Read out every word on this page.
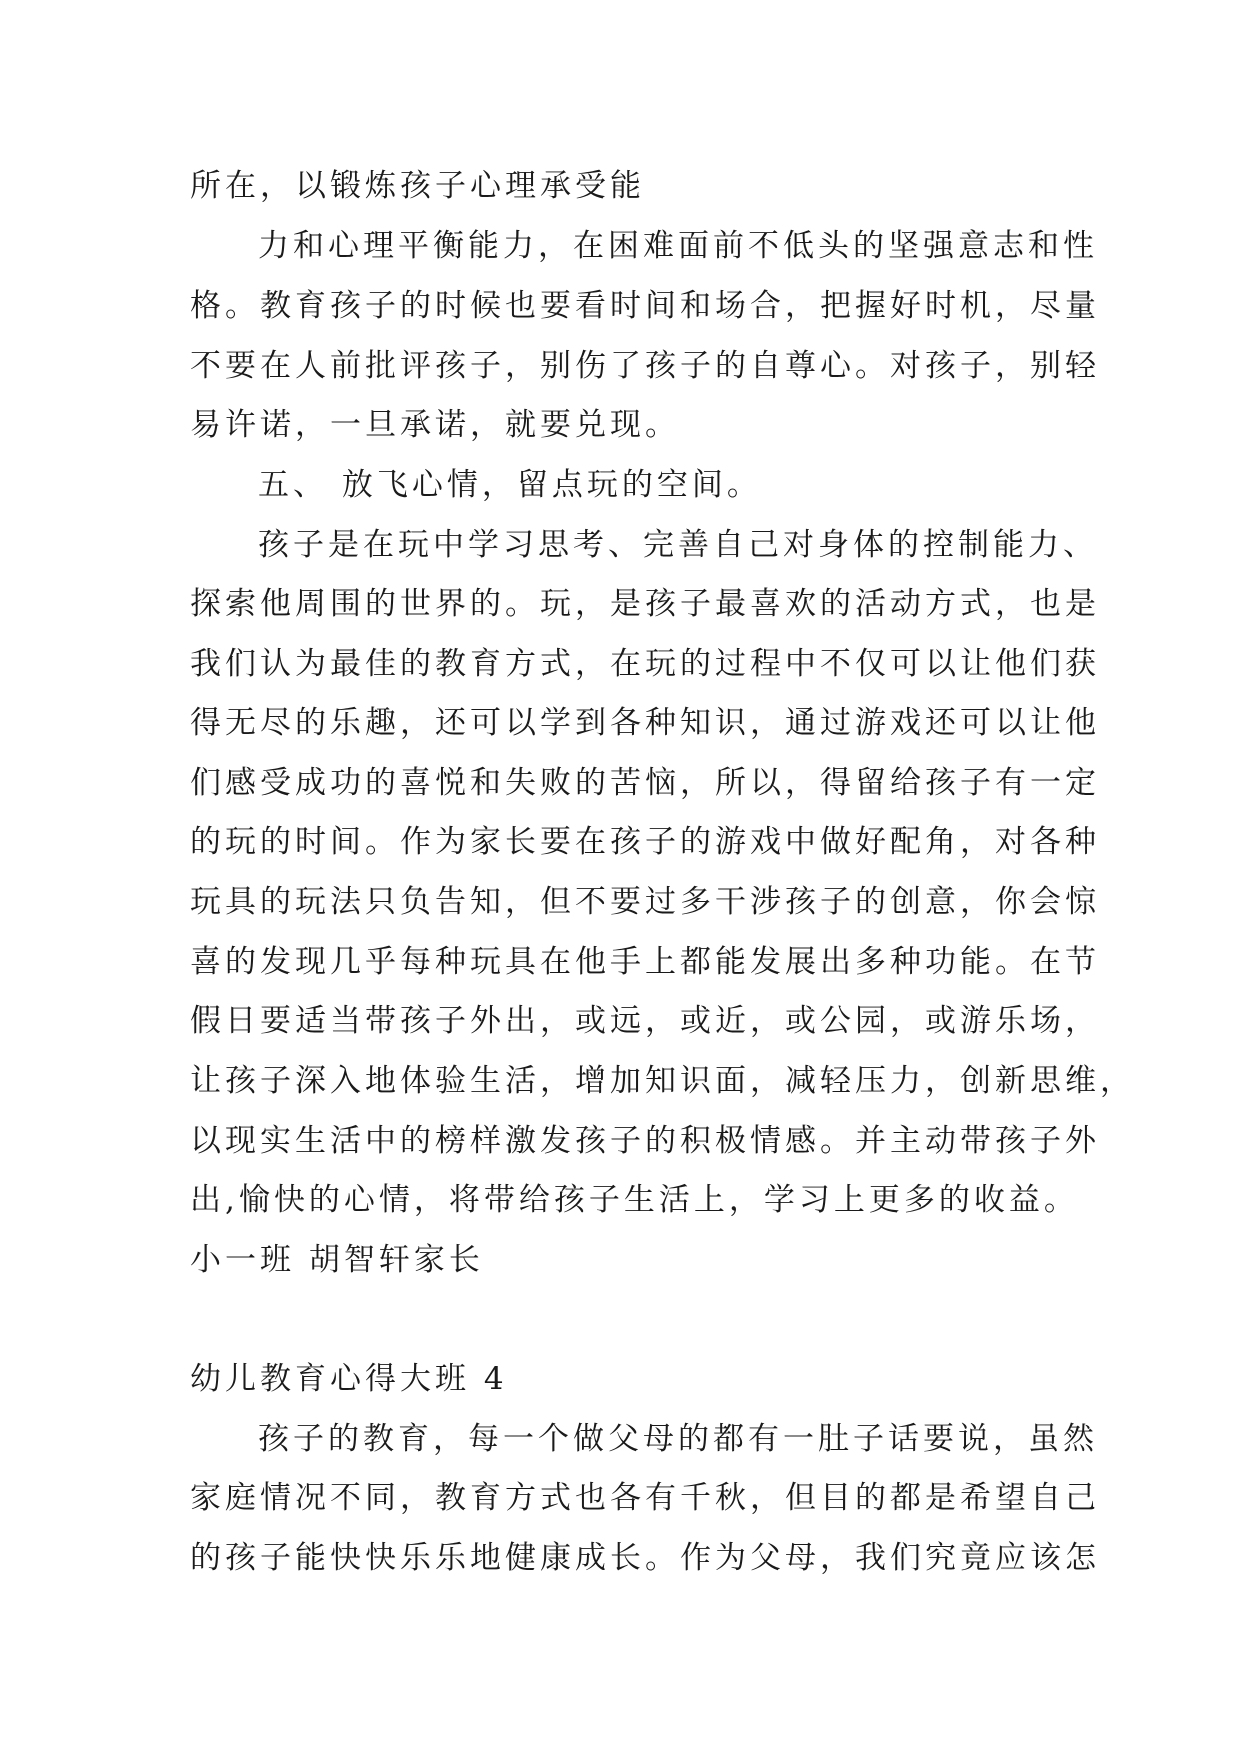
所在，以锻炼孩子心理承受能
力和心理平衡能力，在困难面前不低头的坚强意志和性
格。教育孩子的时候也要看时间和场合，把握好时机，尽量
不要在人前批评孩子，别伤了孩子的自尊心。对孩子，别轻
易许诺，一旦承诺，就要兑现。
五、 放飞心情，留点玩的空间。
孩子是在玩中学习思考、完善自己对身体的控制能力、
探索他周围的世界的。玩，是孩子最喜欢的活动方式，也是
我们认为最佳的教育方式，在玩的过程中不仅可以让他们获
得无尽的乐趣，还可以学到各种知识，通过游戏还可以让他
们感受成功的喜悦和失败的苦恼，所以，得留给孩子有一定
的玩的时间。作为家长要在孩子的游戏中做好配角，对各种
玩具的玩法只负告知，但不要过多干涉孩子的创意，你会惊
喜的发现几乎每种玩具在他手上都能发展出多种功能。在节
假日要适当带孩子外出，或远，或近，或公园，或游乐场，
让孩子深入地体验生活，增加知识面，减轻压力，创新思维，
以现实生活中的榜样激发孩子的积极情感。并主动带孩子外
出,愉快的心情，将带给孩子生活上，学习上更多的收益。
小一班 胡智轩家长
幼儿教育心得大班 4
孩子的教育，每一个做父母的都有一肚子话要说，虽然
家庭情况不同，教育方式也各有千秋，但目的都是希望自己
的孩子能快快乐乐地健康成长。作为父母，我们究竟应该怎
